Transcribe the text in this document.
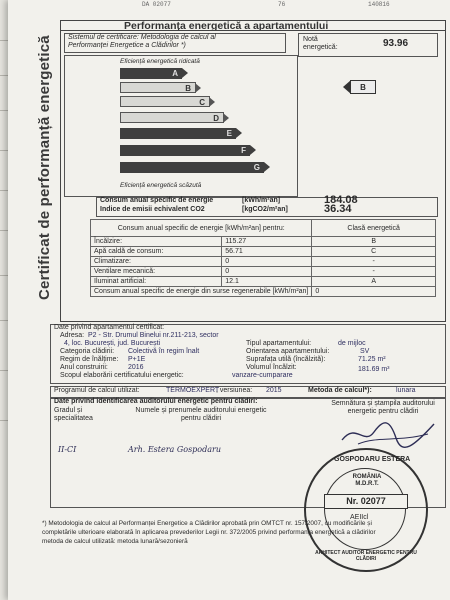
DA 02077	76	140816
Certificat de performanță energetică
Performanța energetică a apartamentului
Sistemul de certificare: Metodologia de calcul al
Performanței Energetice a Clădirilor *)
Notă energetică:	93.96
Eficiență energetică ridicată
A
B
C
D
E
F
G
Eficiență energetică scăzută
B
Consum anual specific de energie	[kWh/m²an]	184.08
Indice de emisii echivalent CO2	[kgCO2/m²an]	36.34
Consum anual specific de energie [kWh/m²an] pentru:		Clasă energetică
Încălzire:	115.27	B
Apă caldă de consum:	56.71	C
Climatizare:	0	-
Ventilare mecanică:	0	-
Iluminat artificial:	12.1	A
Consum anual specific de energie din surse regenerabile [kWh/m²an]		0
Date privind apartamentul certificat:
Adresa: P2 - Str. Drumul Binelui nr.211-213, sector
4, loc. București, jud. București
Categoria clădirii: Colectivă în regim înalt
Regim de înălțime: P+1E
Anul construirii:	2016
Scopul elaborării certificatului energetic:	vanzare-cumparare
Tipul apartamentului:	de mijloc
Orientarea apartamentului:	SV
Suprafața utilă (încălzită):	71.25 m²
Volumul încălzit:	181.69 m³
Programul de calcul utilizat:	TERMOEXPERT
, versiunea: 2015	Metoda de calcul*):	lunara
Date privind identificarea auditorului energetic pentru clădiri:
Gradul și specialitatea
Numele și prenumele auditorului energetic pentru clădiri
Semnătura și ștampila auditorului energetic pentru clădiri
II-CI	Arh. Estera Gospodaru
GOSPODARU ESTERA
ROMÂNIA M.D.R.T.
Nr. 02077
AEIIcl
ARHITECT AUDITOR ENERGETIC PENTRU CLĂDIRI
*) Metodologia de calcul al Performanței Energetice a Clădirilor aprobată prin OMTCT nr. 157/2007, cu modificările și
completările ulterioare elaborată în aplicarea prevederilor Legii nr. 372/2005 privind performanța energetică a clădirilor
metoda de calcul utilizată: metoda lunară/sezonieră
